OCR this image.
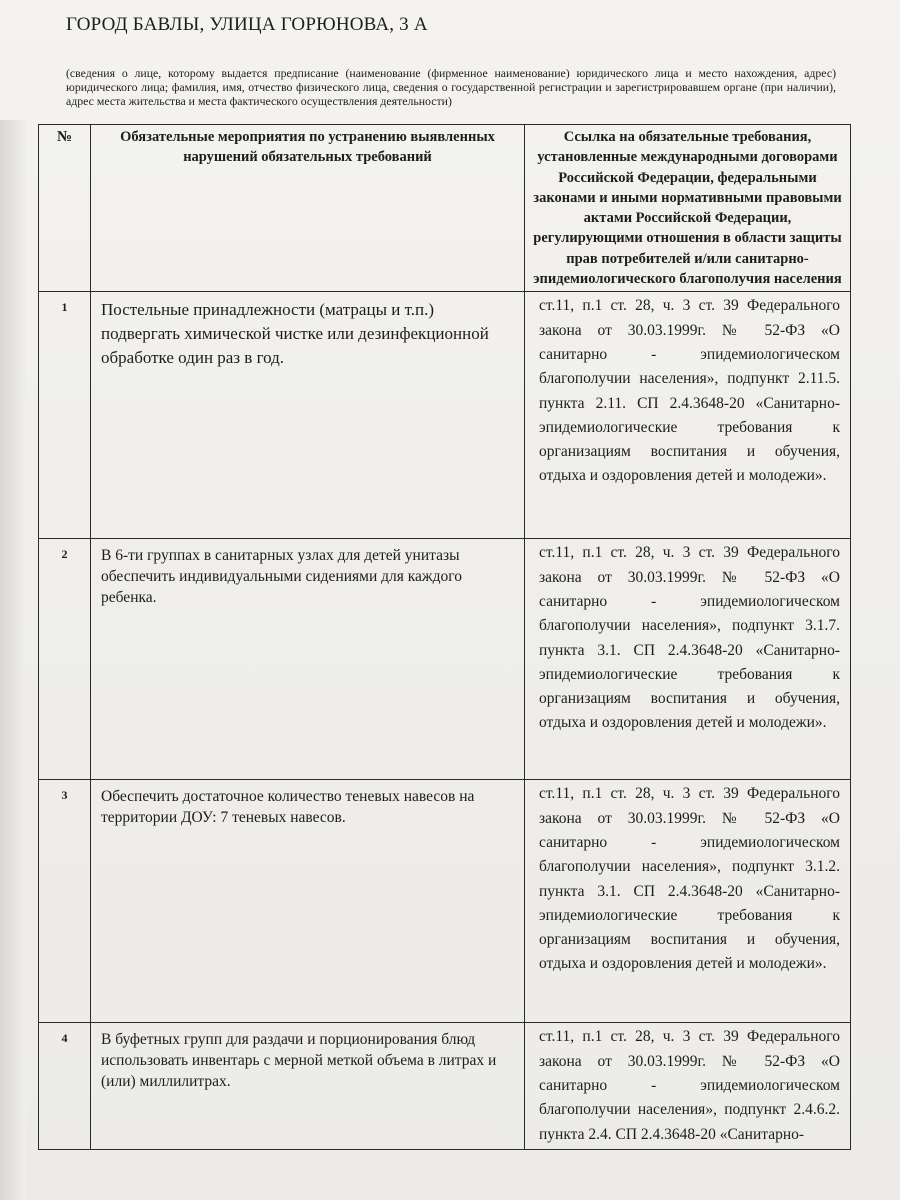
ГОРОД БАВЛЫ, УЛИЦА ГОРЮНОВА, 3 А
(сведения о лице, которому выдается предписание (наименование (фирменное наименование) юридического лица и место нахождения, адрес) юридического лица; фамилия, имя, отчество физического лица, сведения о государственной регистрации и зарегистрировавшем органе (при наличии), адрес места жительства и места фактического осуществления деятельности)
№	Обязательные мероприятия по устранению выявленных нарушений обязательных требований	Ссылка на обязательные требования, установленные международными договорами Российской Федерации, федеральными законами и иными нормативными правовыми актами Российской Федерации, регулирующими отношения в области защиты прав потребителей и/или санитарно-эпидемиологического благополучия населения
1	Постельные принадлежности (матрацы и т.п.) подвергать химической чистке или дезинфекционной обработке один раз в год.	ст.11, п.1 ст. 28, ч. 3 ст. 39 Федерального закона от 30.03.1999г. № 52-ФЗ «О санитарно - эпидемиологическом благополучии населения», подпункт 2.11.5. пункта 2.11. СП 2.4.3648-20 «Санитарно-эпидемиологические требования к организациям воспитания и обучения, отдыха и оздоровления детей и молодежи».
2	В 6-ти группах в санитарных узлах для детей унитазы обеспечить индивидуальными сидениями для каждого ребенка.	ст.11, п.1 ст. 28, ч. 3 ст. 39 Федерального закона от 30.03.1999г. № 52-ФЗ «О санитарно - эпидемиологическом благополучии населения», подпункт 3.1.7. пункта 3.1. СП 2.4.3648-20 «Санитарно-эпидемиологические требования к организациям воспитания и обучения, отдыха и оздоровления детей и молодежи».
3	Обеспечить достаточное количество теневых навесов на территории ДОУ: 7 теневых навесов.	ст.11, п.1 ст. 28, ч. 3 ст. 39 Федерального закона от 30.03.1999г. № 52-ФЗ «О санитарно - эпидемиологическом благополучии населения», подпункт 3.1.2. пункта 3.1. СП 2.4.3648-20 «Санитарно-эпидемиологические требования к организациям воспитания и обучения, отдыха и оздоровления детей и молодежи».
4	В буфетных групп для раздачи и порционирования блюд использовать инвентарь с мерной меткой объема в литрах и (или) миллилитрах.	ст.11, п.1 ст. 28, ч. 3 ст. 39 Федерального закона от 30.03.1999г. № 52-ФЗ «О санитарно - эпидемиологическом благополучии населения», подпункт 2.4.6.2. пункта 2.4. СП 2.4.3648-20 «Санитарно-
